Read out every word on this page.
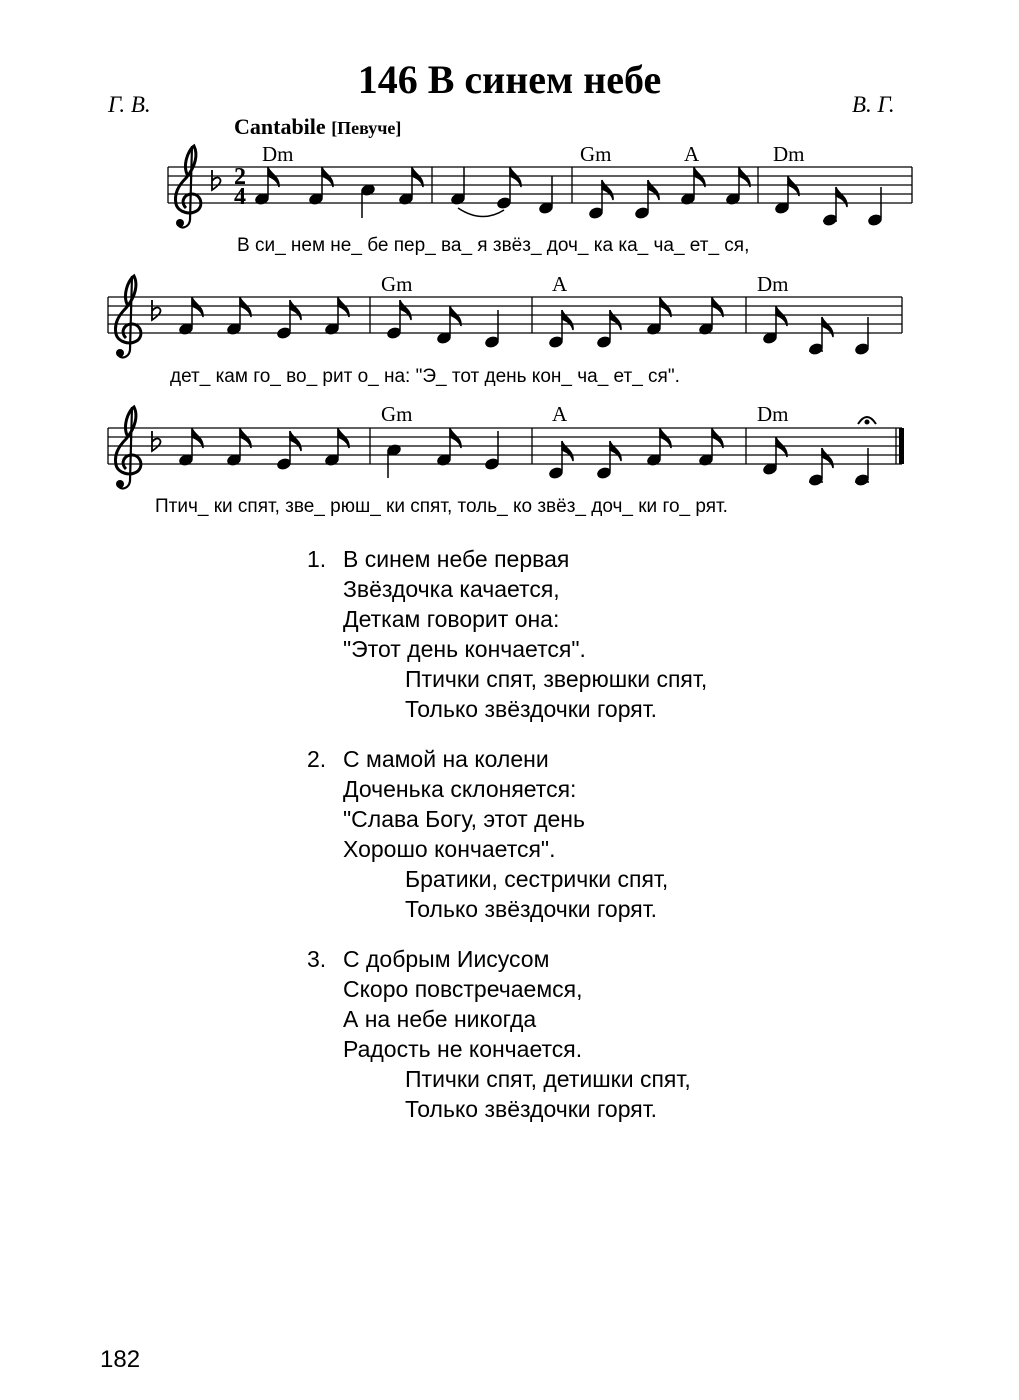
146 В синем небе
Г. В.	В. Г.
Cantabile [Певуче]
Dm	Gm	A	Dm
Gm	A	Dm
Gm	A	Dm
2
4
В си_ нем не_ бе пер_ ва_ я звёз_ доч_ ка ка_ ча_ ет_ ся,
дет_ кам го_ во_ рит о_ на: "Э_ тот день кон_ ча_ ет_ ся".
Птич_ ки спят, зве_ рюш_ ки спят, толь_ ко звёз_ доч_ ки го_ рят.
1. В синем небе первая
Звёздочка качается,
Деткам говорит она:
"Этот день кончается".
Птички спят, зверюшки спят,
Только звёздочки горят.
2. С мамой на колени
Доченька склоняется:
"Слава Богу, этот день
Хорошо кончается".
Братики, сестрички спят,
Только звёздочки горят.
3. С добрым Иисусом
Скоро повстречаемся,
А на небе никогда
Радость не кончается.
Птички спят, детишки спят,
Только звёздочки горят.
182
